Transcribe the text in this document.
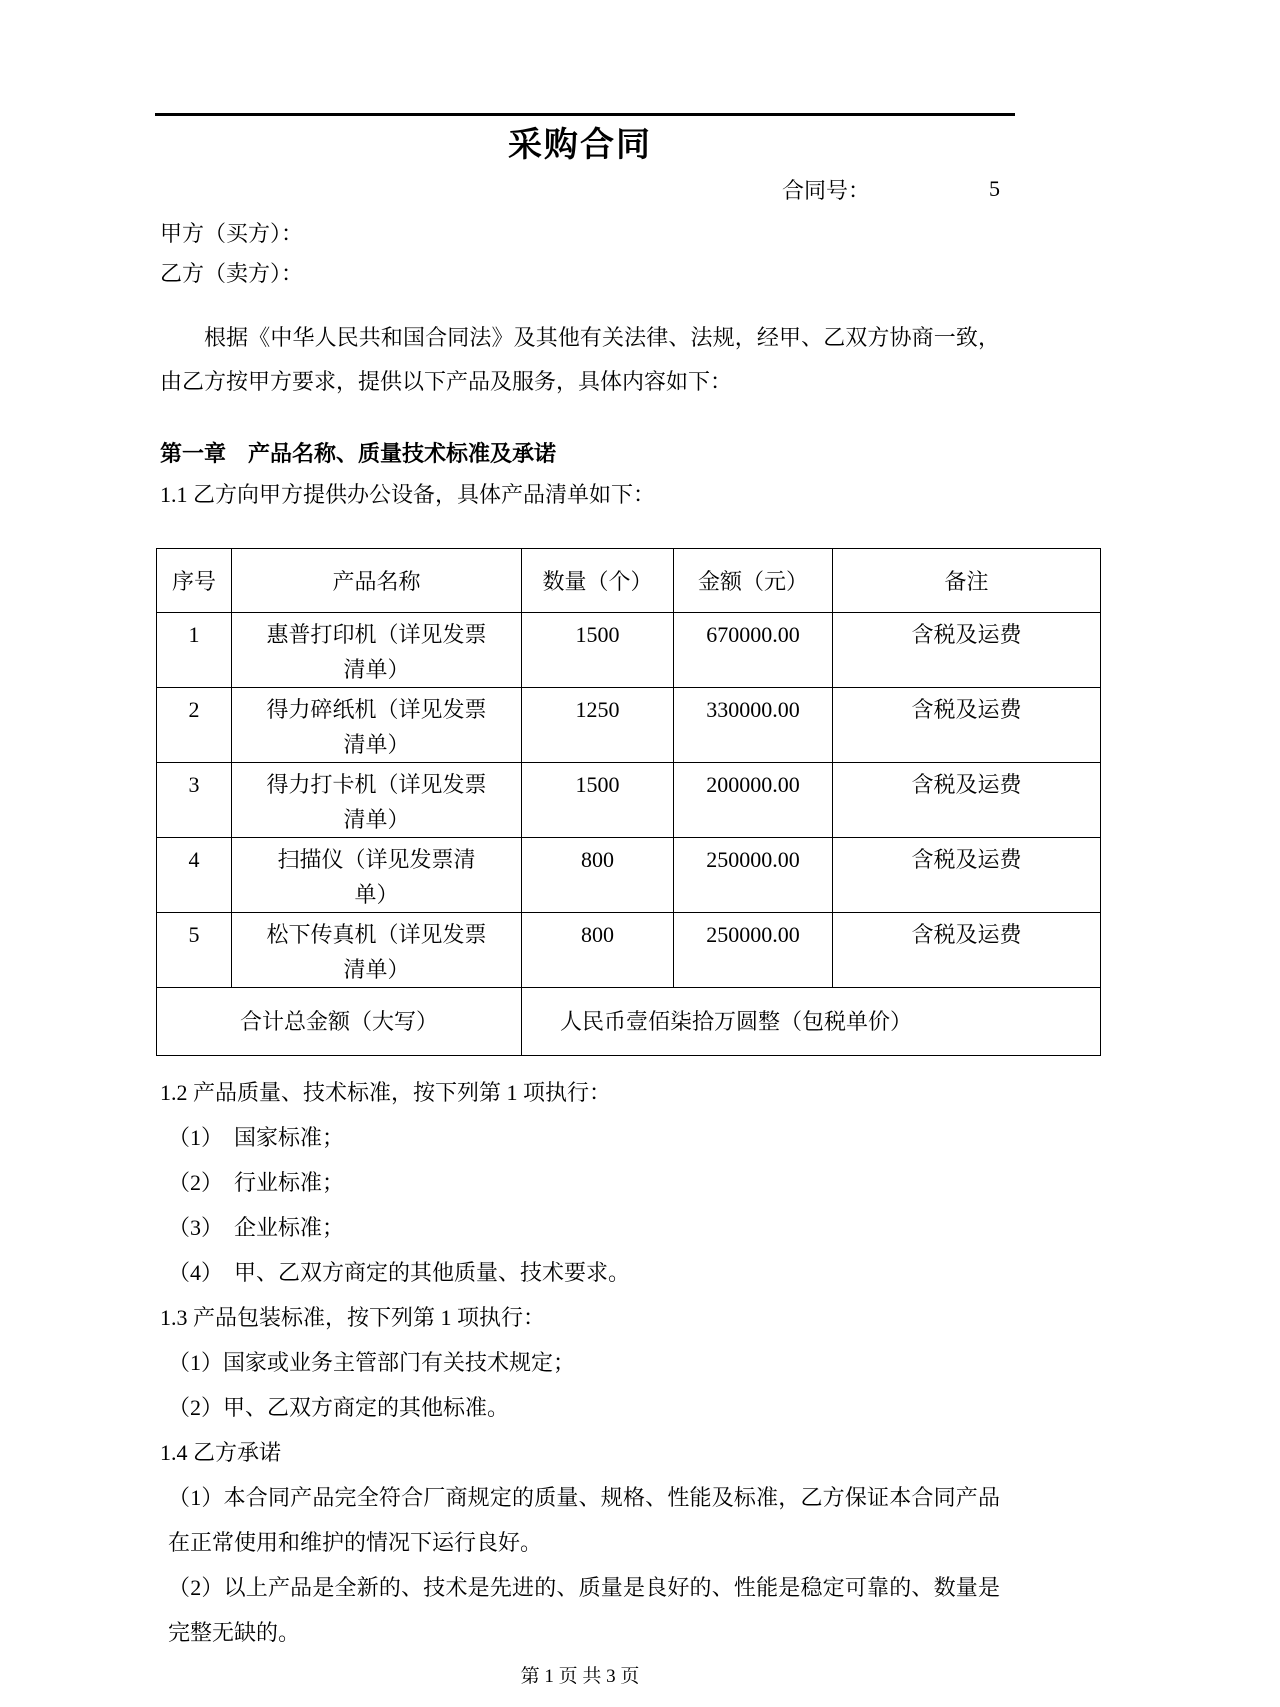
采购合同
合同号：	5
甲方（买方）：
乙方（卖方）：

根据《中华人民共和国合同法》及其他有关法律、法规，经甲、乙双方协商一致，由乙方按甲方要求，提供以下产品及服务，具体内容如下：

第一章　产品名称、质量技术标准及承诺
1.1 乙方向甲方提供办公设备，具体产品清单如下：
序号	产品名称	数量（个）	金额（元）	备注
1	惠普打印机（详见发票清单）	1500	670000.00	含税及运费
2	得力碎纸机（详见发票清单）	1250	330000.00	含税及运费
3	得力打卡机（详见发票清单）	1500	200000.00	含税及运费
4	扫描仪（详见发票清单）	800	250000.00	含税及运费
5	松下传真机（详见发票清单）	800	250000.00	含税及运费
合计总金额（大写）		人民币壹佰柒拾万圆整（包税单价）		
1.2 产品质量、技术标准，按下列第 1 项执行：
（1）　国家标准；
（2）　行业标准；
（3）　企业标准；
（4）　甲、乙双方商定的其他质量、技术要求。
1.3 产品包装标准，按下列第 1 项执行：
（1）国家或业务主管部门有关技术规定；
（2）甲、乙双方商定的其他标准。
1.4 乙方承诺
（1）本合同产品完全符合厂商规定的质量、规格、性能及标准，乙方保证本合同产品在正常使用和维护的情况下运行良好。
（2）以上产品是全新的、技术是先进的、质量是良好的、性能是稳定可靠的、数量是完整无缺的。
第 1 页 共 3 页
